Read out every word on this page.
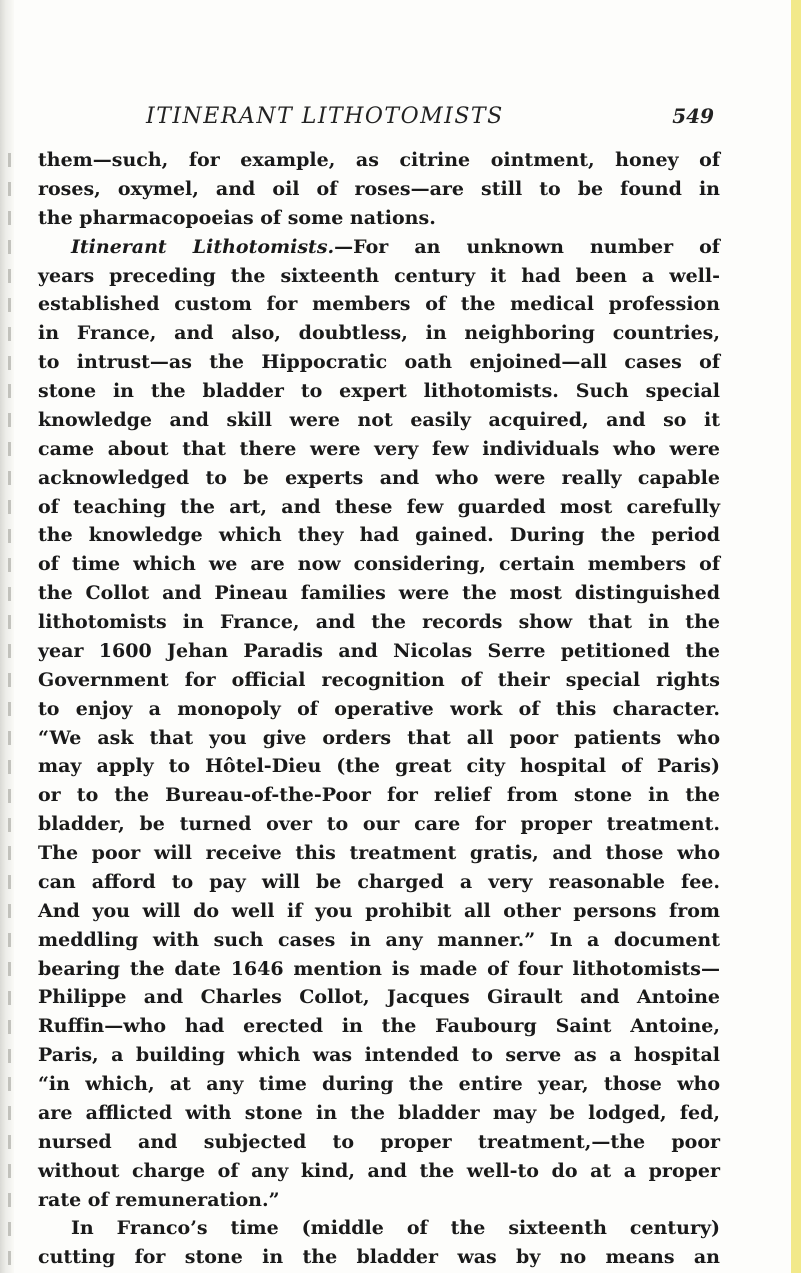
ITINERANT LITHOTOMISTS	549
them—such, for example, as citrine ointment, honey of
roses, oxymel, and oil of roses—are still to be found in
the pharmacopoeias of some nations.
Itinerant Lithotomists.—For an unknown number of
years preceding the sixteenth century it had been a well-
established custom for members of the medical profession
in France, and also, doubtless, in neighboring countries,
to intrust—as the Hippocratic oath enjoined—all cases of
stone in the bladder to expert lithotomists. Such special
knowledge and skill were not easily acquired, and so it
came about that there were very few individuals who were
acknowledged to be experts and who were really capable
of teaching the art, and these few guarded most carefully
the knowledge which they had gained. During the period
of time which we are now considering, certain members of
the Collot and Pineau families were the most distinguished
lithotomists in France, and the records show that in the
year 1600 Jehan Paradis and Nicolas Serre petitioned the
Government for official recognition of their special rights
to enjoy a monopoly of operative work of this character.
“We ask that you give orders that all poor patients who
may apply to Hôtel-Dieu (the great city hospital of Paris)
or to the Bureau-of-the-Poor for relief from stone in the
bladder, be turned over to our care for proper treatment.
The poor will receive this treatment gratis, and those who
can afford to pay will be charged a very reasonable fee.
And you will do well if you prohibit all other persons from
meddling with such cases in any manner.” In a document
bearing the date 1646 mention is made of four lithotomists—
Philippe and Charles Collot, Jacques Girault and Antoine
Ruffin—who had erected in the Faubourg Saint Antoine,
Paris, a building which was intended to serve as a hospital
“in which, at any time during the entire year, those who
are afflicted with stone in the bladder may be lodged, fed,
nursed and subjected to proper treatment,—the poor
without charge of any kind, and the well-to do at a proper
rate of remuneration.”
In Franco’s time (middle of the sixteenth century)
cutting for stone in the bladder was by no means an
